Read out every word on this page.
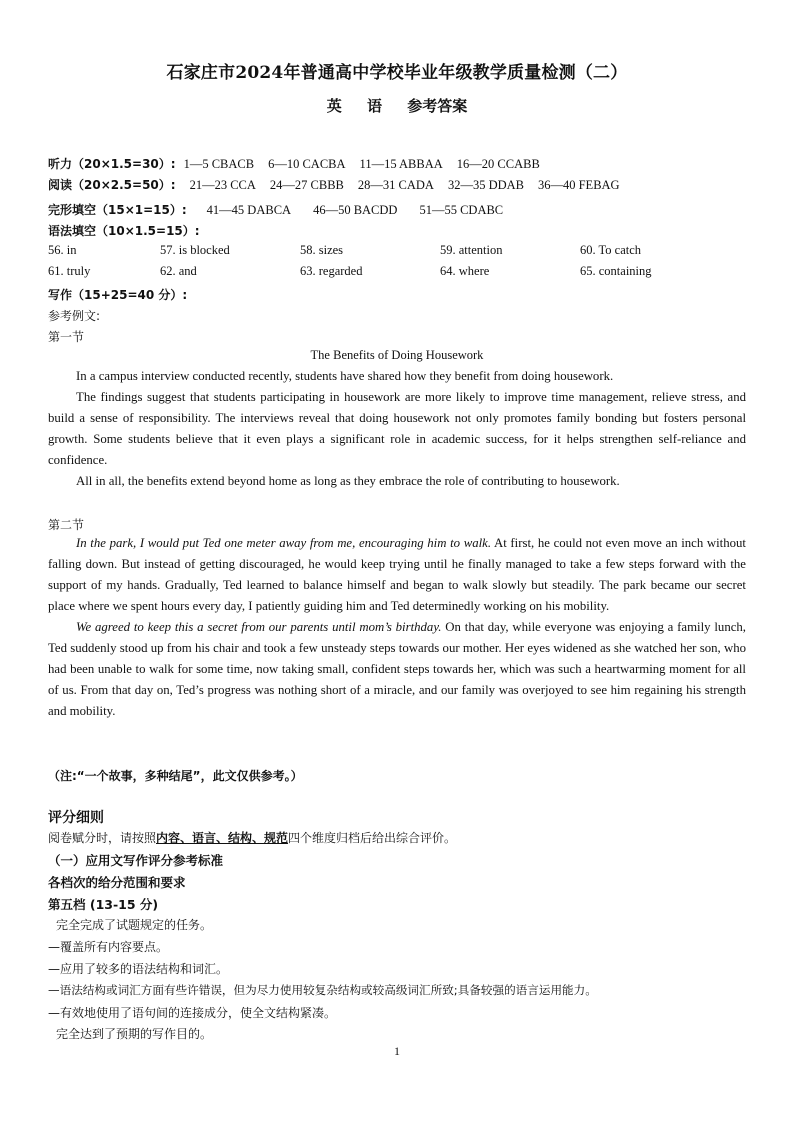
石家庄市2024年普通高中学校毕业年级教学质量检测（二）
英 语 参考答案
听力（20×1.5=30）: 1—5 CBACB 6—10 CACBA 11—15 ABBAA 16—20 CCABB
阅读（20×2.5=50）: 21—23 CCA 24—27 CBBB 28—31 CADA 32—35 DDAB 36—40 FEBAG
完形填空（15×1=15）: 41—45 DABCA 46—50 BACDD 51—55 CDABC
语法填空（10×1.5=15）:
56. in	57. is blocked	58. sizes	59. attention	60. To catch
61. truly	62. and	63. regarded	64. where	65. containing
写作（15+25=40 分）:
参考例文:
第一节
The Benefits of Doing Housework

In a campus interview conducted recently, students have shared how they benefit from doing housework.

The findings suggest that students participating in housework are more likely to improve time management, relieve stress, and build a sense of responsibility. The interviews reveal that doing housework not only promotes family bonding but fosters personal growth. Some students believe that it even plays a significant role in academic success, for it helps strengthen self-reliance and confidence.

All in all, the benefits extend beyond home as long as they embrace the role of contributing to housework.

第二节

In the park, I would put Ted one meter away from me, encouraging him to walk. At first, he could not even move an inch without falling down. But instead of getting discouraged, he would keep trying until he finally managed to take a few steps forward with the support of my hands. Gradually, Ted learned to balance himself and began to walk slowly but steadily. The park became our secret place where we spent hours every day, I patiently guiding him and Ted determinedly working on his mobility.

We agreed to keep this a secret from our parents until mom’s birthday. On that day, while everyone was enjoying a family lunch, Ted suddenly stood up from his chair and took a few unsteady steps towards our mother. Her eyes widened as she watched her son, who had been unable to walk for some time, now taking small, confident steps towards her, which was such a heartwarming moment for all of us. From that day on, Ted’s progress was nothing short of a miracle, and our family was overjoyed to see him regaining his strength and mobility.

（注:“一个故事，多种结尾”，此文仅供参考。）
评分细则
阅卷赋分时，请按照内容、语言、结构、规范四个维度归档后给出综合评价。
（一）应用文写作评分参考标准
各档次的给分范围和要求
第五档 (13-15 分)
完全完成了试题规定的任务。
—覆盖所有内容要点。
—应用了较多的语法结构和词汇。
—语法结构或词汇方面有些许错误，但为尽力使用较复杂结构或较高级词汇所致;具备较强的语言运用能力。
—有效地使用了语句间的连接成分，使全文结构紧凑。
完全达到了预期的写作目的。
1
